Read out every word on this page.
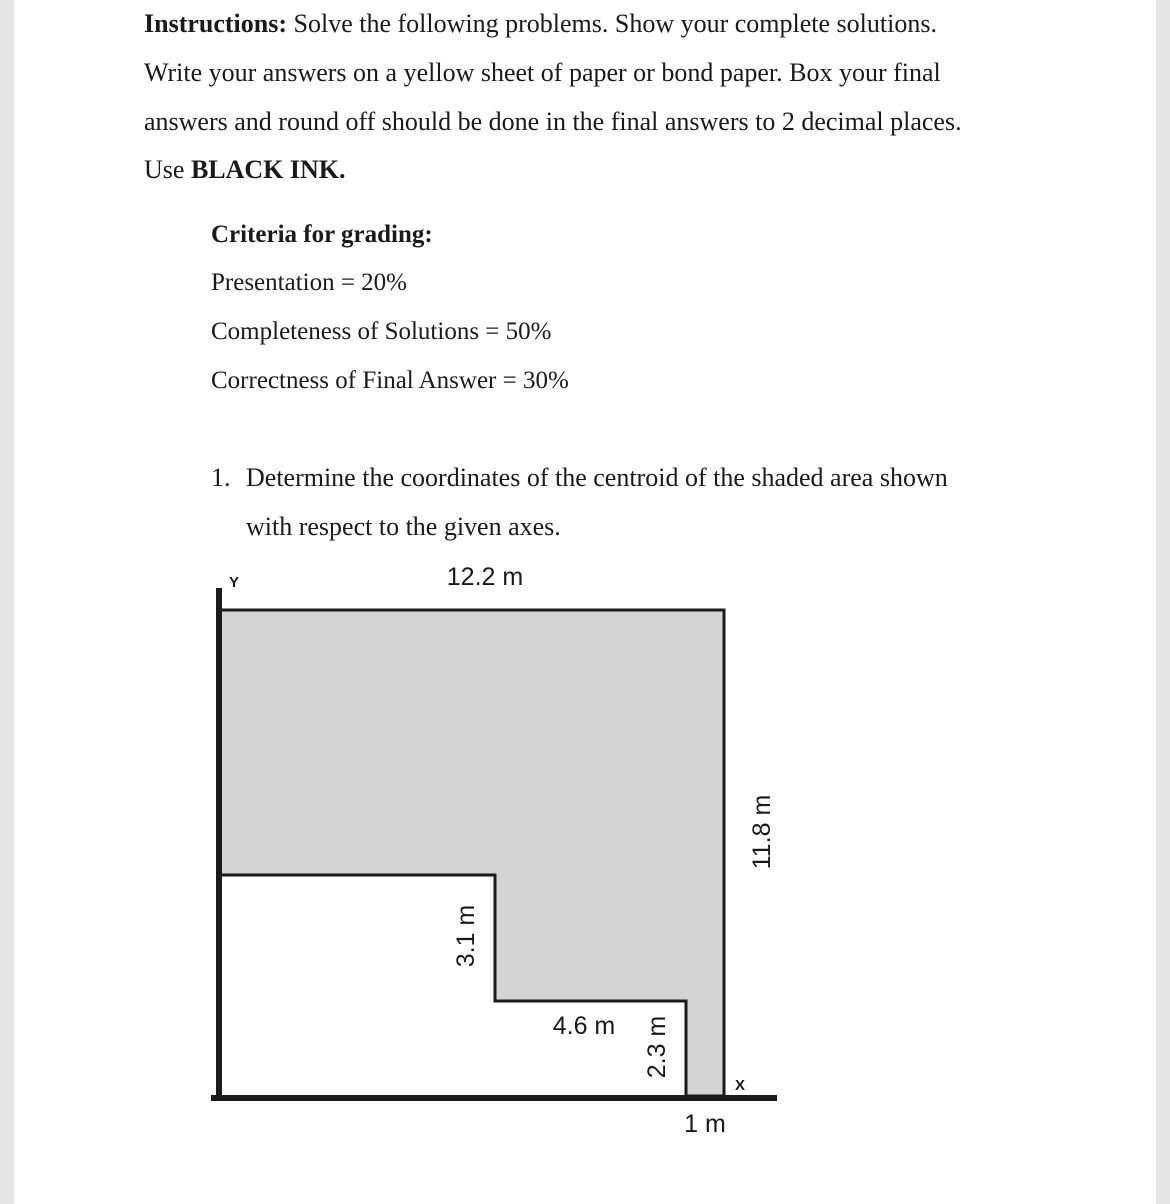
Instructions: Solve the following problems. Show your complete solutions.
Write your answers on a yellow sheet of paper or bond paper. Box your final
answers and round off should be done in the final answers to 2 decimal places.
Use BLACK INK.
Criteria for grading:
Presentation = 20%
Completeness of Solutions = 50%
Correctness of Final Answer = 30%
1. Determine the coordinates of the centroid of the shaded area shown
with respect to the given axes.
Y
X
12.2 m
11.8 m
3.1 m
4.6 m 2.3 m
1 m
